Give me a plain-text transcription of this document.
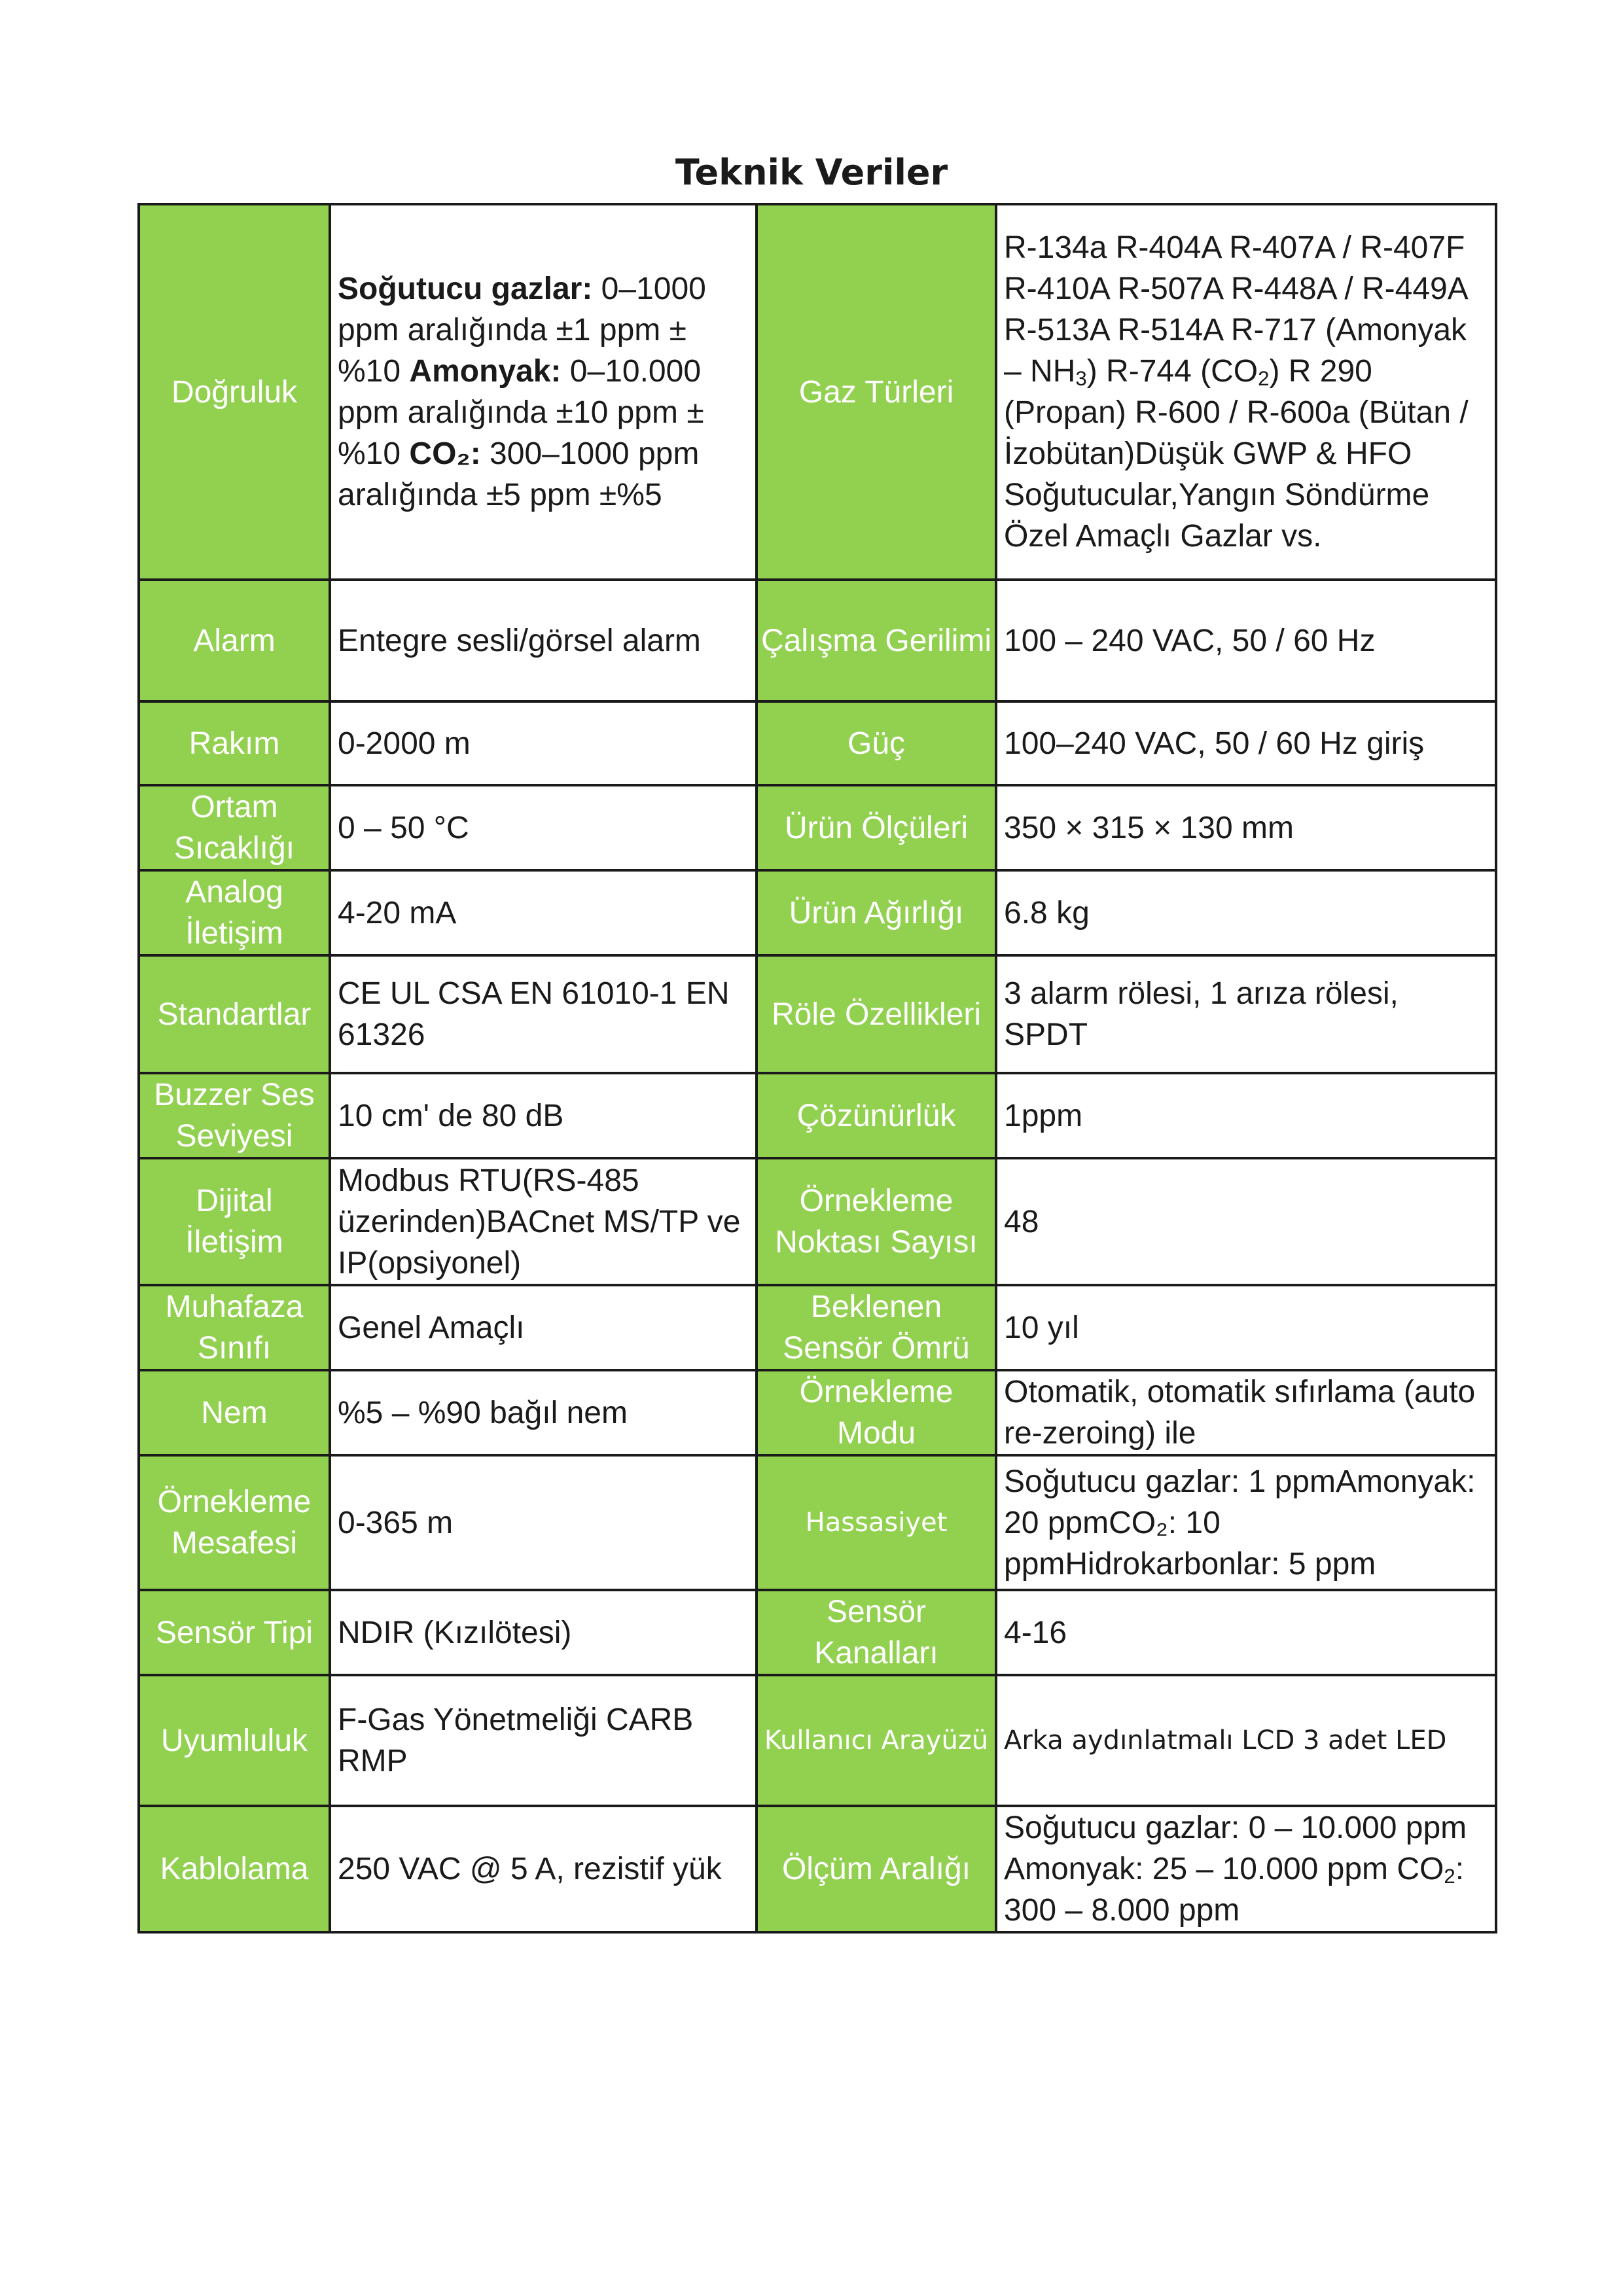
Teknik Veriler
Doğruluk	Soğutucu gazlar: 0–1000 ppm aralığında ±1 ppm ±%10 Amonyak: 0–10.000 ppm aralığında ±10 ppm ±%10 CO₂: 300–1000 ppm aralığında ±5 ppm ±%5	Gaz Türleri	R-134a R-404A R-407A / R-407F R-410A R-507A R-448A / R-449A R-513A R-514A R-717 (Amonyak – $NH_3$) R-744 $(CO_2)$ R 290 (Propan) R-600 / R-600a (Bütan / İzobütan)Düşük GWP & HFO Soğutucular,Yangın Söndürme Özel Amaçlı Gazlar vs.
Alarm	Entegre sesli/görsel alarm	Çalışma Gerilimi	100 – 240 VAC, 50 / 60 Hz
Rakım	0-2000 m	Güç	100–240 VAC, 50 / 60 Hz giriş
Ortam Sıcaklığı	0 – 50 °C	Ürün Ölçüleri	350 × 315 × 130 mm
Analog İletişim	4-20 mA	Ürün Ağırlığı	6.8 kg
Standartlar	CE UL CSA EN 61010-1 EN 61326	Röle Özellikleri	3 alarm rölesi, 1 arıza rölesi, SPDT
Buzzer Ses Seviyesi	10 cm' de 80 dB	Çözünürlük	1ppm
Dijital İletişim	Modbus RTU(RS-485 üzerinden)BACnet MS/TP ve IP(opsiyonel)	Örnekleme Noktası Sayısı	48
Muhafaza Sınıfı	Genel Amaçlı	Beklenen Sensör Ömrü	10 yıl
Nem	%5 – %90 bağıl nem	Örnekleme Modu	Otomatik, otomatik sıfırlama (auto re-zeroing) ile
Örnekleme Mesafesi	0-365 m	Hassasiyet	Soğutucu gazlar: 1 ppmAmonyak: 20 ppmCO₂: 10 ppmHidrokarbonlar: 5 ppm
Sensör Tipi	NDIR (Kızılötesi)	Sensör Kanalları	4-16
Uyumluluk	F-Gas Yönetmeliği CARB RMP	Kullanıcı Arayüzü	Arka aydınlatmalı LCD 3 adet LED
Kablolama	250 VAC @ 5 A, rezistif yük	Ölçüm Aralığı	Soğutucu gazlar: 0 – 10.000 ppm Amonyak: 25 – 10.000 ppm $CO_2$: 300 – 8.000 ppm
